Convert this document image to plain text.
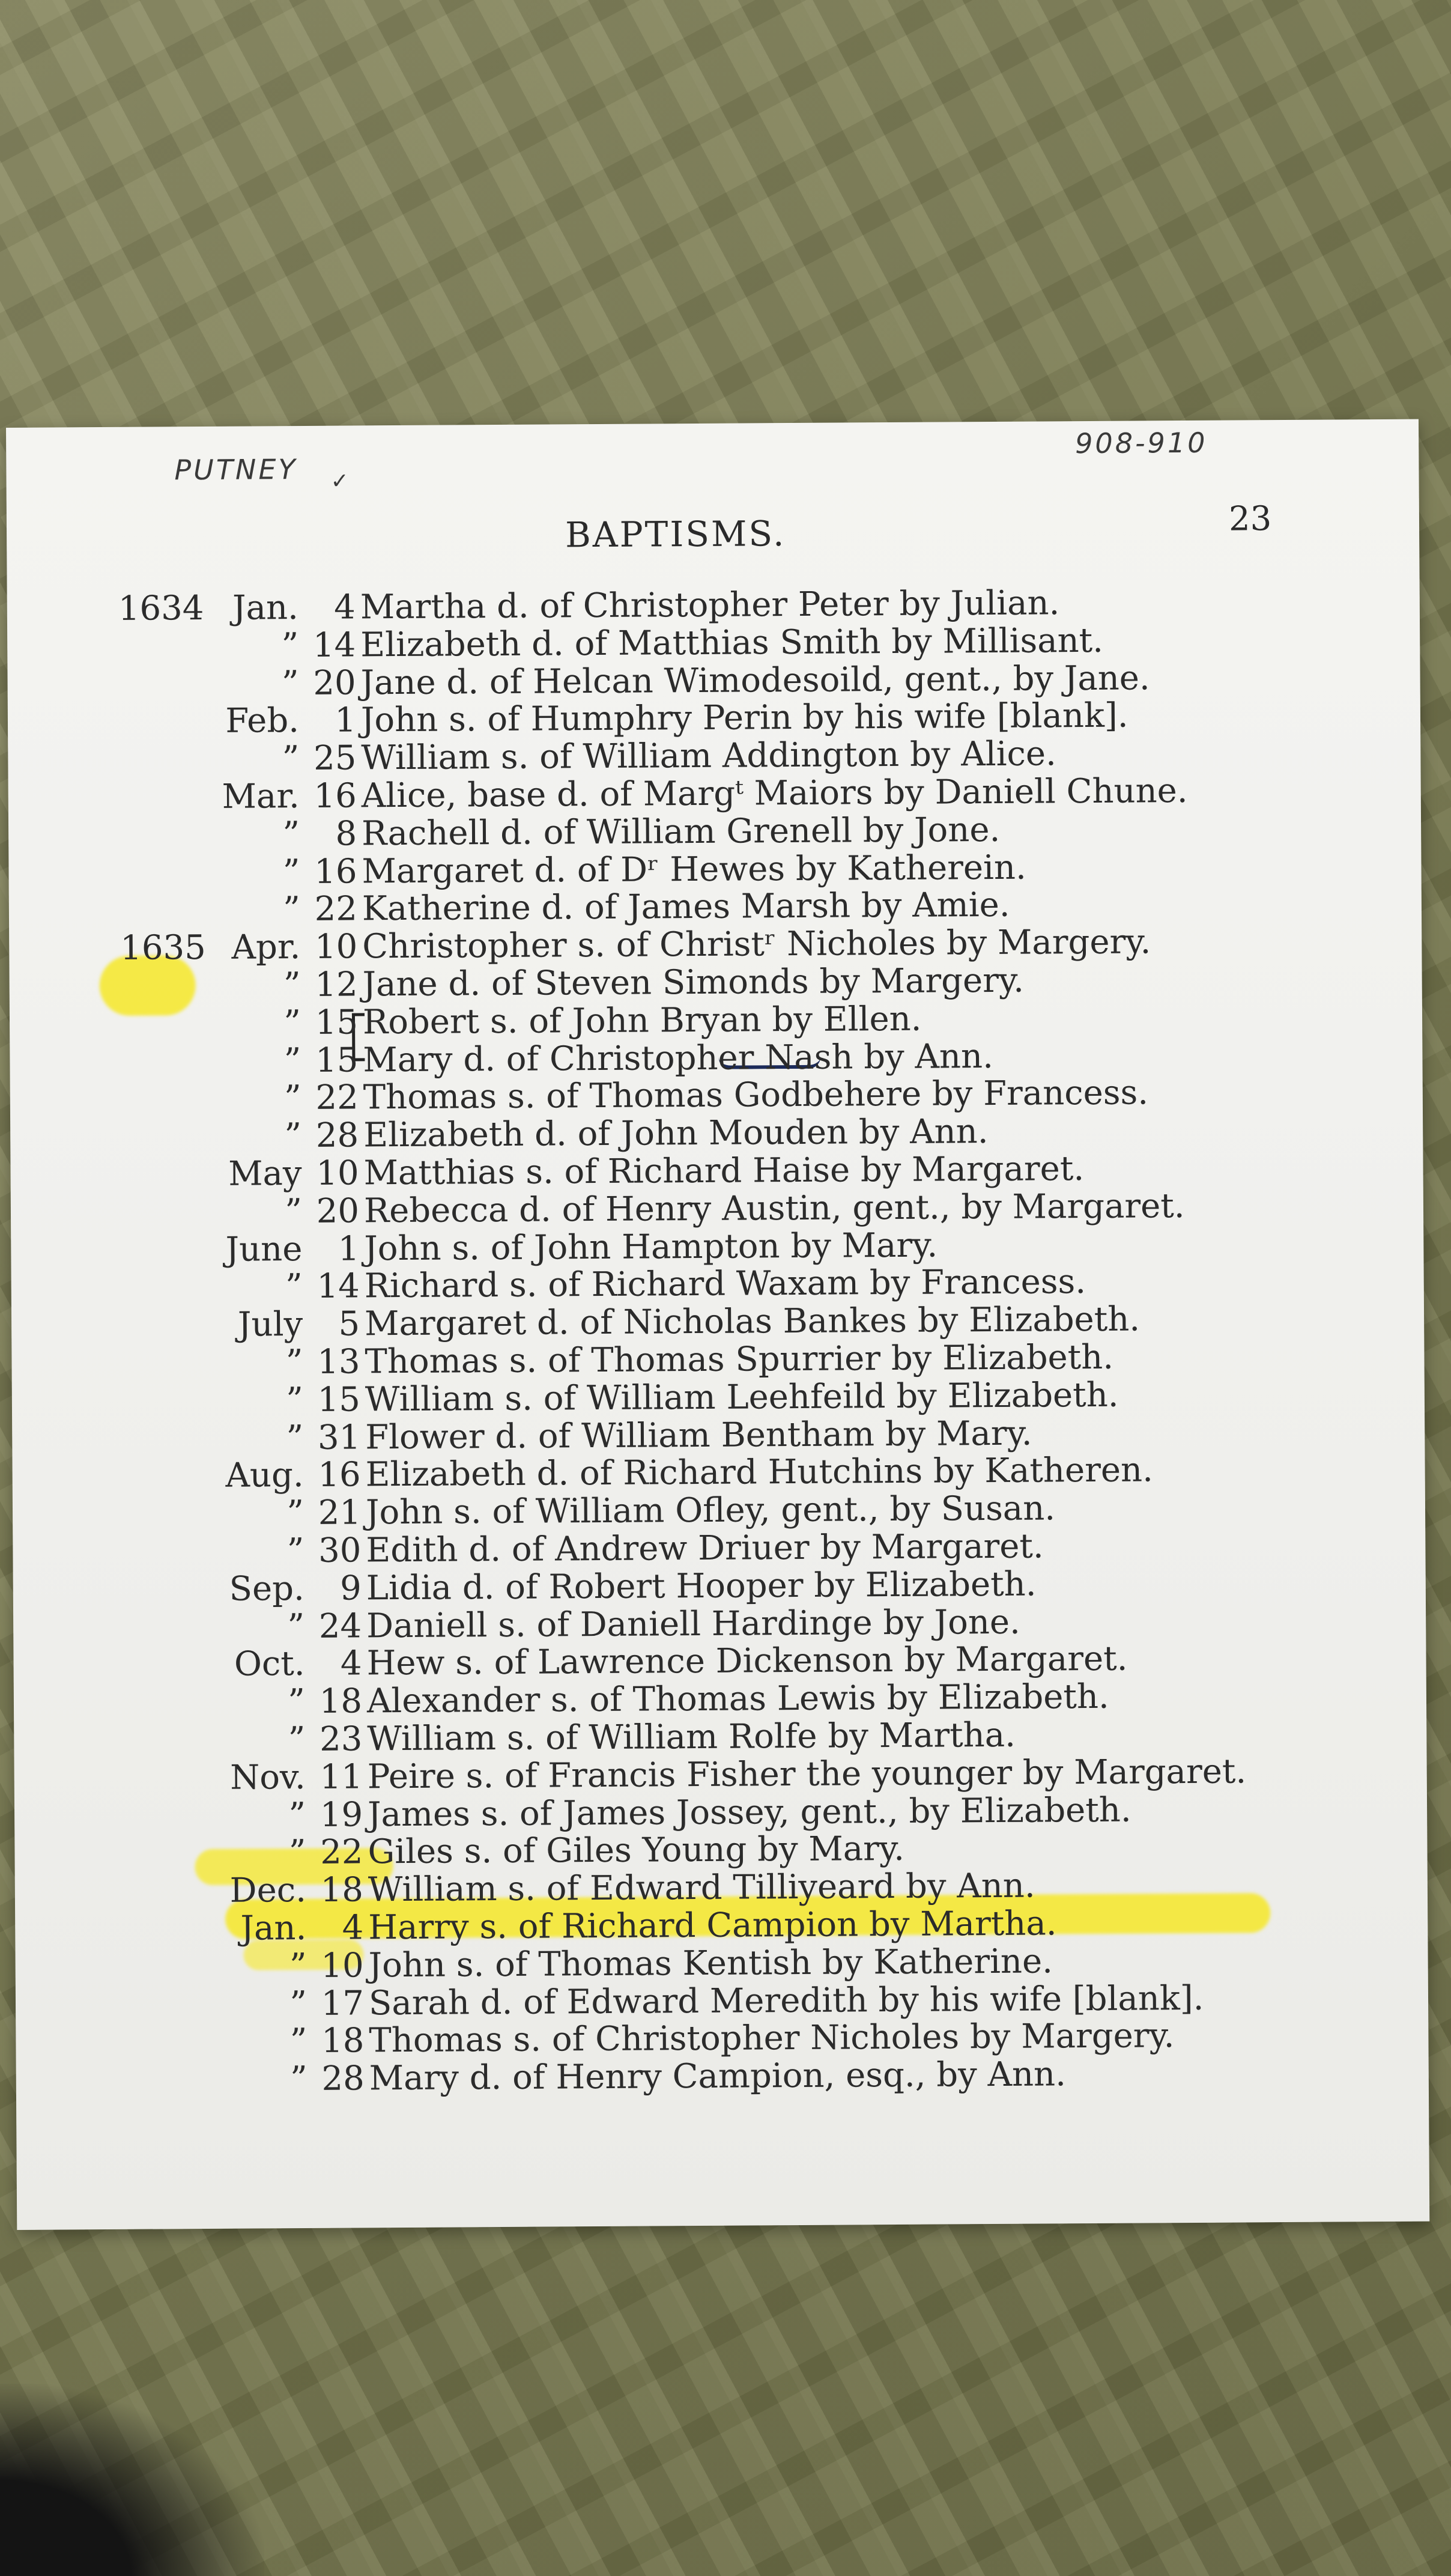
PUTNEY ✓
908-910
BAPTISMS.	23
1634 Jan.	4 Martha d. of Christopher Peter by Julian.
” 14 Elizabeth d. of Matthias Smith by Millisant.
” 20 Jane d. of Helcan Wimodesoild, gent., by Jane.
Feb.	1 John s. of Humphry Perin by his wife [blank].
” 25 William s. of William Addington by Alice.
Mar. 16 Alice, base d. of Margᵗ Maiors by Daniell Chune.
”	8 Rachell d. of William Grenell by Jone.
” 16 Margaret d. of Dʳ Hewes by Katherein.
” 22 Katherine d. of James Marsh by Amie.
1635 Apr. 10 Christopher s. of Christʳ Nicholes by Margery.
” 12 Jane d. of Steven Simonds by Margery.
” 15 Robert s. of John Bryan by Ellen.
” 15 Mary d. of Christopher Nash by Ann.
” 22 Thomas s. of Thomas Godbehere by Francess.
” 28 Elizabeth d. of John Mouden by Ann.
May 10 Matthias s. of Richard Haise by Margaret.
” 20 Rebecca d. of Henry Austin, gent., by Margaret.
June	1 John s. of John Hampton by Mary.
” 14 Richard s. of Richard Waxam by Francess.
July	5 Margaret d. of Nicholas Bankes by Elizabeth.
” 13 Thomas s. of Thomas Spurrier by Elizabeth.
” 15 William s. of William Leehfeild by Elizabeth.
” 31 Flower d. of William Bentham by Mary.
Aug. 16 Elizabeth d. of Richard Hutchins by Katheren.
” 21 John s. of William Ofley, gent., by Susan.
” 30 Edith d. of Andrew Driuer by Margaret.
Sep.	9 Lidia d. of Robert Hooper by Elizabeth.
” 24 Daniell s. of Daniell Hardinge by Jone.
Oct.	4 Hew s. of Lawrence Dickenson by Margaret.
” 18 Alexander s. of Thomas Lewis by Elizabeth.
” 23 William s. of William Rolfe by Martha.
Nov. 11 Peire s. of Francis Fisher the younger by Margaret.
” 19 James s. of James Jossey, gent., by Elizabeth.
” 22 Giles s. of Giles Young by Mary.
Dec. 18 William s. of Edward Tilliyeard by Ann.
Jan.	4 Harry s. of Richard Campion by Martha.
” 10 John s. of Thomas Kentish by Katherine.
” 17 Sarah d. of Edward Meredith by his wife [blank].
” 18 Thomas s. of Christopher Nicholes by Margery.
” 28 Mary d. of Henry Campion, esq., by Ann.
